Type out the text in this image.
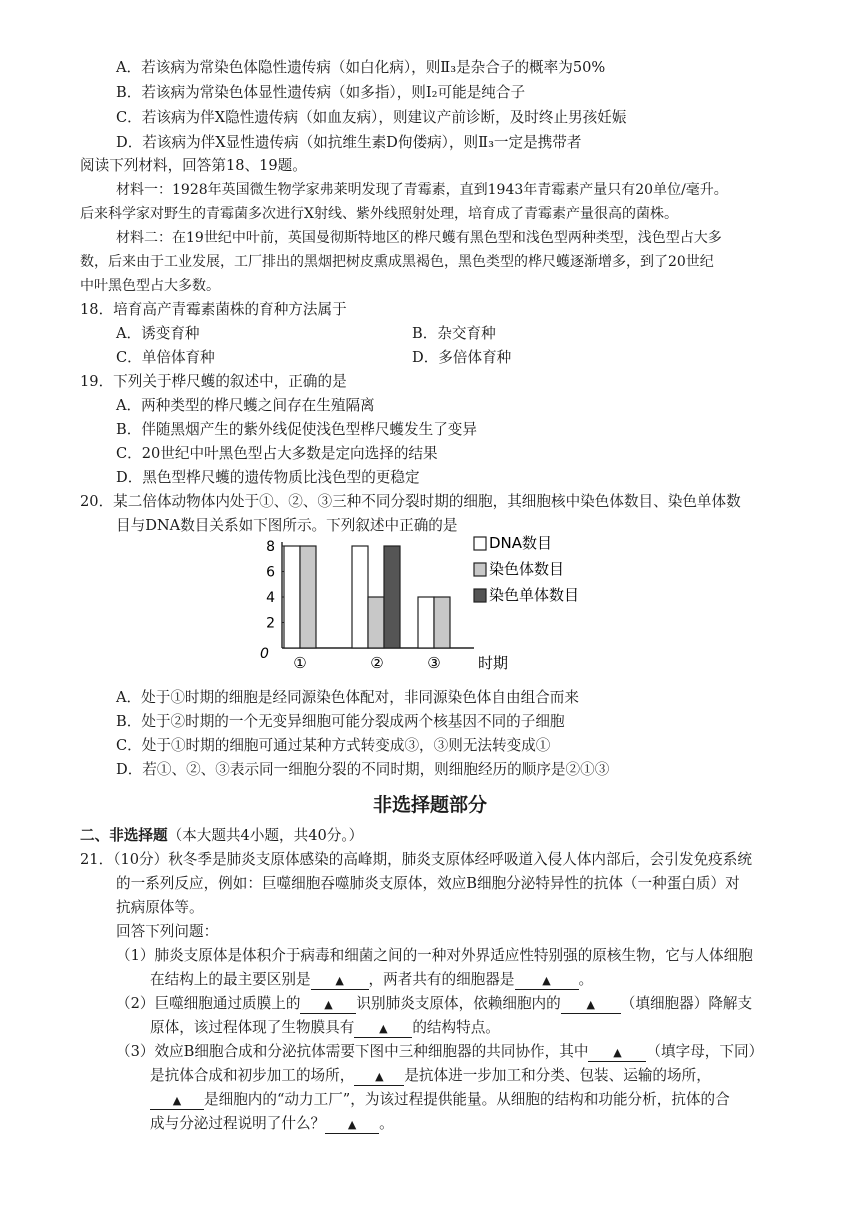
A．若该病为常染色体隐性遗传病（如白化病），则Ⅱ₃是杂合子的概率为50%
B．若该病为常染色体显性遗传病（如多指），则Ⅰ₂可能是纯合子
C．若该病为伴X隐性遗传病（如血友病），则建议产前诊断，及时终止男孩妊娠
D．若该病为伴X显性遗传病（如抗维生素D佝偻病），则Ⅱ₃一定是携带者
阅读下列材料，回答第18、19题。
材料一：1928年英国微生物学家弗莱明发现了青霉素，直到1943年青霉素产量只有20单位/毫升。
后来科学家对野生的青霉菌多次进行X射线、紫外线照射处理，培育成了青霉素产量很高的菌株。
材料二：在19世纪中叶前，英国曼彻斯特地区的桦尺蠖有黑色型和浅色型两种类型，浅色型占大多
数，后来由于工业发展，工厂排出的黑烟把树皮熏成黑褐色，黑色类型的桦尺蠖逐渐增多，到了20世纪
中叶黑色型占大多数。
18．培育高产青霉素菌株的育种方法属于
A．诱变育种	B．杂交育种
C．单倍体育种	D．多倍体育种
19．下列关于桦尺蠖的叙述中，正确的是
A．两种类型的桦尺蠖之间存在生殖隔离
B．伴随黑烟产生的紫外线促使浅色型桦尺蠖发生了变异
C．20世纪中叶黑色型占大多数是定向选择的结果
D．黑色型桦尺蠖的遗传物质比浅色型的更稳定
20．某二倍体动物体内处于①、②、③三种不同分裂时期的细胞，其细胞核中染色体数目、染色单体数
目与DNA数目关系如下图所示。下列叙述中正确的是
0
2
4
6
8
①	②	③ 时期
DNA数目
染色体数目
染色单体数目
A．处于①时期的细胞是经同源染色体配对，非同源染色体自由组合而来
B．处于②时期的一个无变异细胞可能分裂成两个核基因不同的子细胞
C．处于①时期的细胞可通过某种方式转变成③，③则无法转变成①
D．若①、②、③表示同一细胞分裂的不同时期，则细胞经历的顺序是②①③
非选择题部分
二、非选择题（本大题共4小题，共40分。）
21．（10分）秋冬季是肺炎支原体感染的高峰期，肺炎支原体经呼吸道入侵人体内部后，会引发免疫系统
的一系列反应，例如：巨噬细胞吞噬肺炎支原体，效应B细胞分泌特异性的抗体（一种蛋白质）对
抗病原体等。
回答下列问题：
（1）肺炎支原体是体积介于病毒和细菌之间的一种对外界适应性特别强的原核生物，它与人体细胞
在结构上的最主要区别是 ▲ ，两者共有的细胞器是	▲ 。
（2）巨噬细胞通过质膜上的 ▲ 识别肺炎支原体，依赖细胞内的 ▲ （填细胞器）降解支
原体，该过程体现了生物膜具有 ▲ 的结构特点。
（3）效应B细胞合成和分泌抗体需要下图中三种细胞器的共同协作，其中 ▲ （填字母，下同）
是抗体合成和初步加工的场所， ▲ 是抗体进一步加工和分类、包装、运输的场所，
▲ 是细胞内的“动力工厂”，为该过程提供能量。从细胞的结构和功能分析，抗体的合
成与分泌过程说明了什么？ ▲ 。
